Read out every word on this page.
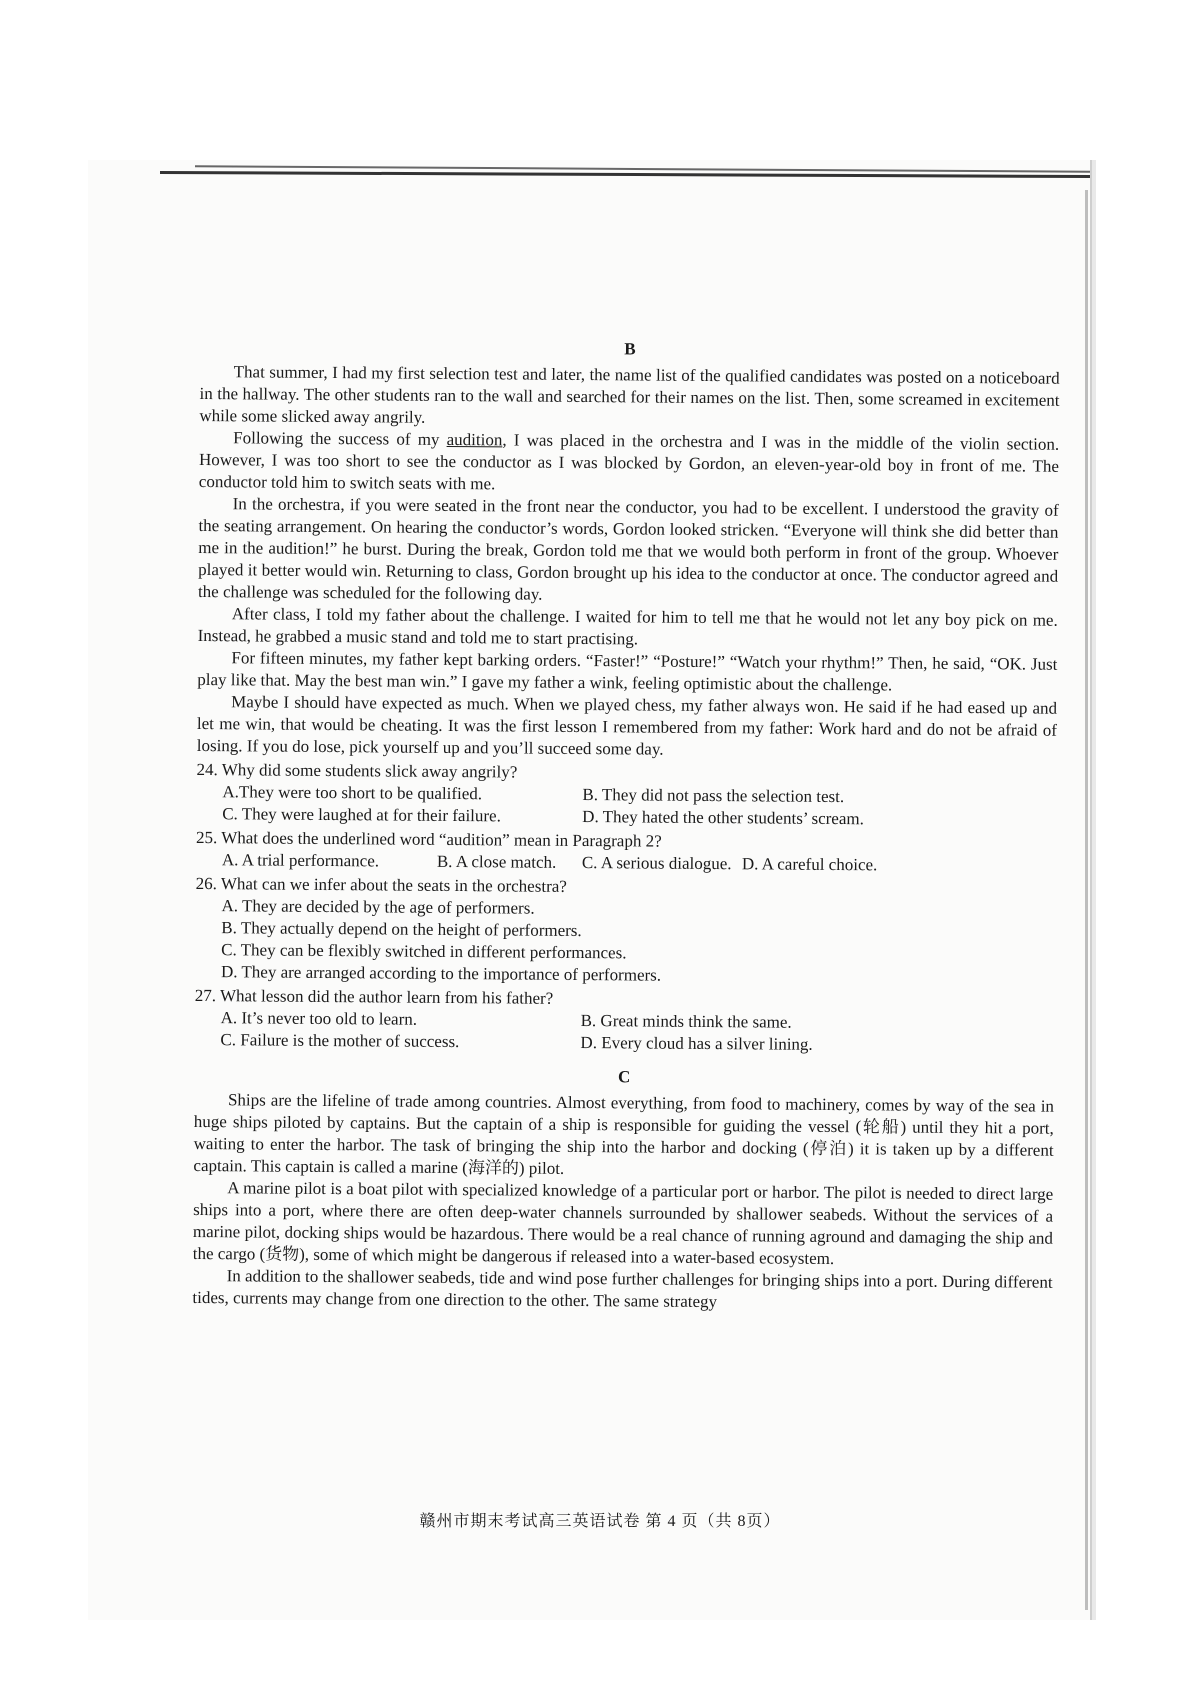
B

That summer, I had my first selection test and later, the name list of the qualified candidates was posted on a noticeboard in the hallway. The other students ran to the wall and searched for their names on the list. Then, some screamed in excitement while some slicked away angrily.

Following the success of my audition, I was placed in the orchestra and I was in the middle of the violin section. However, I was too short to see the conductor as I was blocked by Gordon, an eleven-year-old boy in front of me. The conductor told him to switch seats with me.

In the orchestra, if you were seated in the front near the conductor, you had to be excellent. I understood the gravity of the seating arrangement. On hearing the conductor’s words, Gordon looked stricken. “Everyone will think she did better than me in the audition!” he burst. During the break, Gordon told me that we would both perform in front of the group. Whoever played it better would win. Returning to class, Gordon brought up his idea to the conductor at once. The conductor agreed and the challenge was scheduled for the following day.

After class, I told my father about the challenge. I waited for him to tell me that he would not let any boy pick on me. Instead, he grabbed a music stand and told me to start practising.

For fifteen minutes, my father kept barking orders. “Faster!” “Posture!” “Watch your rhythm!” Then, he said, “OK. Just play like that. May the best man win.” I gave my father a wink, feeling optimistic about the challenge.

Maybe I should have expected as much. When we played chess, my father always won. He said if he had eased up and let me win, that would be cheating. It was the first lesson I remembered from my father: Work hard and do not be afraid of losing. If you do lose, pick yourself up and you’ll succeed some day.

24. Why did some students slick away angrily?
A.They were too short to be qualified.	B. They did not pass the selection test.
C. They were laughed at for their failure.	D. They hated the other students’ scream.
25. What does the underlined word “audition” mean in Paragraph 2?
A. A trial performance.	B. A close match.	C. A serious dialogue. D. A careful choice.
26. What can we infer about the seats in the orchestra?
A. They are decided by the age of performers.
B. They actually depend on the height of performers.
C. They can be flexibly switched in different performances.
D. They are arranged according to the importance of performers.
27. What lesson did the author learn from his father?
A. It’s never too old to learn.	B. Great minds think the same.
C. Failure is the mother of success.	D. Every cloud has a silver lining.
C

Ships are the lifeline of trade among countries. Almost everything, from food to machinery, comes by way of the sea in huge ships piloted by captains. But the captain of a ship is responsible for guiding the vessel (轮船) until they hit a port, waiting to enter the harbor. The task of bringing the ship into the harbor and docking (停泊) it is taken up by a different captain. This captain is called a marine (海洋的) pilot.

A marine pilot is a boat pilot with specialized knowledge of a particular port or harbor. The pilot is needed to direct large ships into a port, where there are often deep-water channels surrounded by shallower seabeds. Without the services of a marine pilot, docking ships would be hazardous. There would be a real chance of running aground and damaging the ship and the cargo (货物), some of which might be dangerous if released into a water-based ecosystem.

In addition to the shallower seabeds, tide and wind pose further challenges for bringing ships into a port. During different tides, currents may change from one direction to the other. The same strategy

赣州市期末考试高三英语试卷 第 4 页（共 8页）
